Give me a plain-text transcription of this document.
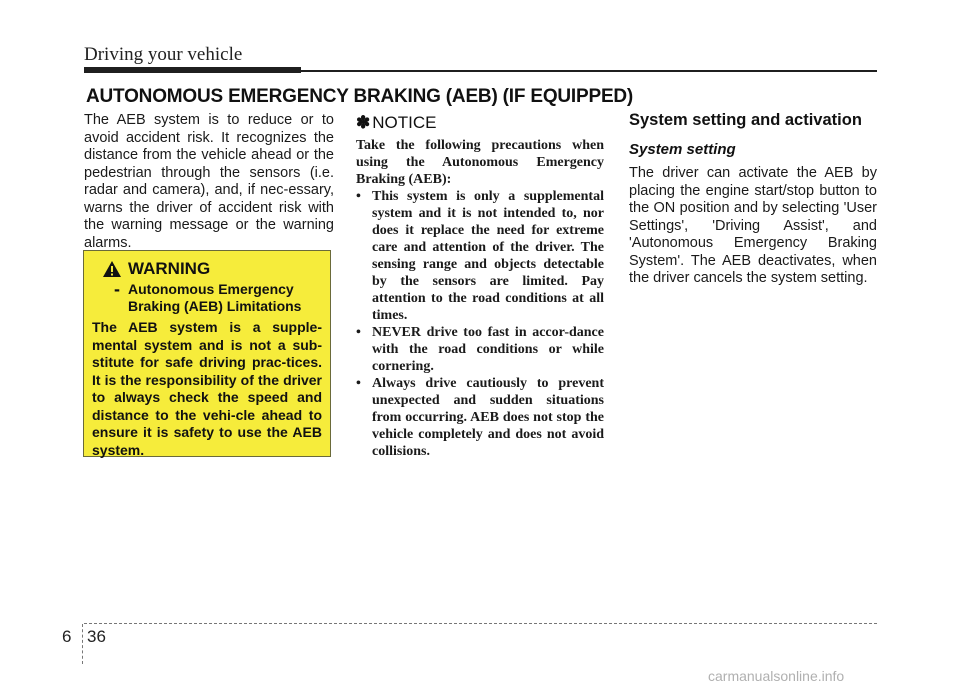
Driving your vehicle
AUTONOMOUS EMERGENCY BRAKING (AEB) (IF EQUIPPED)
The AEB system is to reduce or to avoid accident risk. It recognizes the distance from the vehicle ahead or the pedestrian through the sensors (i.e. radar and camera), and, if nec-essary, warns the driver of accident risk with the warning message or the warning alarms.
WARNING
- Autonomous Emergency Braking (AEB) Limitations
The AEB system is a supple-mental system and is not a sub-stitute for safe driving prac-tices. It is the responsibility of the driver to always check the speed and distance to the vehi-cle ahead to ensure it is safety to use the AEB system.
✽ NOTICE
Take the following precautions when using the Autonomous Emergency Braking (AEB):
• This system is only a supplemental system and it is not intended to, nor does it replace the need for extreme care and attention of the driver. The sensing range and objects detectable by the sensors are limited. Pay attention to the road conditions at all times.
• NEVER drive too fast in accor-dance with the road conditions or while cornering.
• Always drive cautiously to prevent unexpected and sudden situations from occurring. AEB does not stop the vehicle completely and does not avoid collisions.
System setting and activation
System setting
The driver can activate the AEB by placing the engine start/stop button to the ON position and by selecting 'User Settings', 'Driving Assist', and 'Autonomous Emergency Braking System'. The AEB deactivates, when the driver cancels the system setting.
6 36
carmanualsonline.info
